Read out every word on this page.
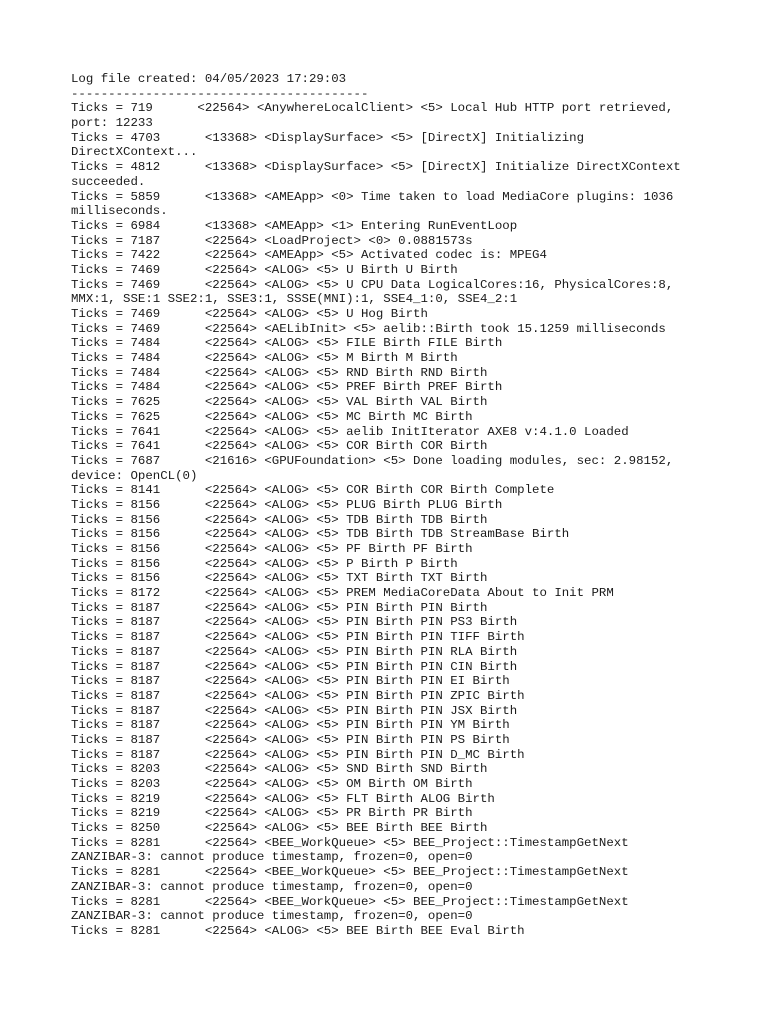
Log file created: 04/05/2023 17:29:03
----------------------------------------
Ticks = 719      <22564> <AnywhereLocalClient> <5> Local Hub HTTP port retrieved,
port: 12233
Ticks = 4703      <13368> <DisplaySurface> <5> [DirectX] Initializing
DirectXContext...
Ticks = 4812      <13368> <DisplaySurface> <5> [DirectX] Initialize DirectXContext
succeeded.
Ticks = 5859      <13368> <AMEApp> <0> Time taken to load MediaCore plugins: 1036
milliseconds.
Ticks = 6984      <13368> <AMEApp> <1> Entering RunEventLoop
Ticks = 7187      <22564> <LoadProject> <0> 0.0881573s
Ticks = 7422      <22564> <AMEApp> <5> Activated codec is: MPEG4
Ticks = 7469      <22564> <ALOG> <5> U Birth U Birth
Ticks = 7469      <22564> <ALOG> <5> U CPU Data LogicalCores:16, PhysicalCores:8,
MMX:1, SSE:1 SSE2:1, SSE3:1, SSSE(MNI):1, SSE4_1:0, SSE4_2:1
Ticks = 7469      <22564> <ALOG> <5> U Hog Birth
Ticks = 7469      <22564> <AELibInit> <5> aelib::Birth took 15.1259 milliseconds
Ticks = 7484      <22564> <ALOG> <5> FILE Birth FILE Birth
Ticks = 7484      <22564> <ALOG> <5> M Birth M Birth
Ticks = 7484      <22564> <ALOG> <5> RND Birth RND Birth
Ticks = 7484      <22564> <ALOG> <5> PREF Birth PREF Birth
Ticks = 7625      <22564> <ALOG> <5> VAL Birth VAL Birth
Ticks = 7625      <22564> <ALOG> <5> MC Birth MC Birth
Ticks = 7641      <22564> <ALOG> <5> aelib InitIterator AXE8 v:4.1.0 Loaded
Ticks = 7641      <22564> <ALOG> <5> COR Birth COR Birth
Ticks = 7687      <21616> <GPUFoundation> <5> Done loading modules, sec: 2.98152,
device: OpenCL(0)
Ticks = 8141      <22564> <ALOG> <5> COR Birth COR Birth Complete
Ticks = 8156      <22564> <ALOG> <5> PLUG Birth PLUG Birth
Ticks = 8156      <22564> <ALOG> <5> TDB Birth TDB Birth
Ticks = 8156      <22564> <ALOG> <5> TDB Birth TDB StreamBase Birth
Ticks = 8156      <22564> <ALOG> <5> PF Birth PF Birth
Ticks = 8156      <22564> <ALOG> <5> P Birth P Birth
Ticks = 8156      <22564> <ALOG> <5> TXT Birth TXT Birth
Ticks = 8172      <22564> <ALOG> <5> PREM MediaCoreData About to Init PRM
Ticks = 8187      <22564> <ALOG> <5> PIN Birth PIN Birth
Ticks = 8187      <22564> <ALOG> <5> PIN Birth PIN PS3 Birth
Ticks = 8187      <22564> <ALOG> <5> PIN Birth PIN TIFF Birth
Ticks = 8187      <22564> <ALOG> <5> PIN Birth PIN RLA Birth
Ticks = 8187      <22564> <ALOG> <5> PIN Birth PIN CIN Birth
Ticks = 8187      <22564> <ALOG> <5> PIN Birth PIN EI Birth
Ticks = 8187      <22564> <ALOG> <5> PIN Birth PIN ZPIC Birth
Ticks = 8187      <22564> <ALOG> <5> PIN Birth PIN JSX Birth
Ticks = 8187      <22564> <ALOG> <5> PIN Birth PIN YM Birth
Ticks = 8187      <22564> <ALOG> <5> PIN Birth PIN PS Birth
Ticks = 8187      <22564> <ALOG> <5> PIN Birth PIN D_MC Birth
Ticks = 8203      <22564> <ALOG> <5> SND Birth SND Birth
Ticks = 8203      <22564> <ALOG> <5> OM Birth OM Birth
Ticks = 8219      <22564> <ALOG> <5> FLT Birth ALOG Birth
Ticks = 8219      <22564> <ALOG> <5> PR Birth PR Birth
Ticks = 8250      <22564> <ALOG> <5> BEE Birth BEE Birth
Ticks = 8281      <22564> <BEE_WorkQueue> <5> BEE_Project::TimestampGetNext
ZANZIBAR-3: cannot produce timestamp, frozen=0, open=0
Ticks = 8281      <22564> <BEE_WorkQueue> <5> BEE_Project::TimestampGetNext
ZANZIBAR-3: cannot produce timestamp, frozen=0, open=0
Ticks = 8281      <22564> <BEE_WorkQueue> <5> BEE_Project::TimestampGetNext
ZANZIBAR-3: cannot produce timestamp, frozen=0, open=0
Ticks = 8281      <22564> <ALOG> <5> BEE Birth BEE Eval Birth
